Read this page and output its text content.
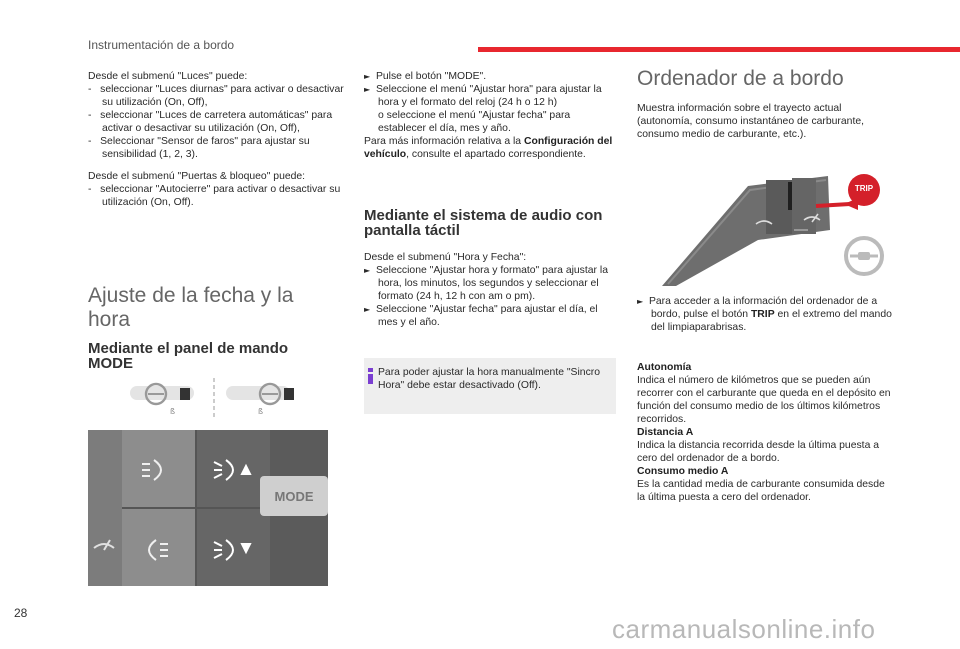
Instrumentación de a bordo

Desde el submenú "Luces" puede:

-   seleccionar "Luces diurnas" para activar o desactivar su utilización (On, Off),

-   seleccionar "Luces de carretera automáticas" para activar o desactivar su utilización (On, Off),

-   Seleccionar "Sensor de faros" para ajustar su sensibilidad (1, 2, 3).

Desde el submenú "Puertas & bloqueo" puede:

-   seleccionar "Autocierre" para activar o desactivar su utilización (On, Off).

Ajuste de la fecha y la hora
Mediante el panel de mando MODE
ß	ß
MODE

► Pulse el botón "MODE".

► Seleccione el menú "Ajustar hora" para ajustar la hora y el formato del reloj (24 h o 12 h)

o seleccione el menú "Ajustar fecha" para establecer el día, mes y año.

Para más información relativa a la Configuración del vehículo, consulte el apartado correspondiente.

Mediante el sistema de audio con pantalla táctil

Desde el submenú "Hora y Fecha":

► Seleccione "Ajustar hora y formato" para ajustar la hora, los minutos, los segundos y seleccionar el formato (24 h, 12 h con am o pm).

► Seleccione "Ajustar fecha" para ajustar el día, el mes y el año.

Para poder ajustar la hora manualmente "Sincro Hora" debe estar desactivado (Off).
Ordenador de a bordo
Muestra información sobre el trayecto actual (autonomía, consumo instantáneo de carburante, consumo medio de carburante, etc.).
TRIP

► Para acceder a la información del ordenador de a bordo, pulse el botón TRIP en el extremo del mando del limpiaparabrisas.

Autonomía

Indica el número de kilómetros que se pueden aún recorrer con el carburante que queda en el depósito en función del consumo medio de los últimos kilómetros recorridos.

Distancia A

Indica la distancia recorrida desde la última puesta a cero del ordenador de a bordo.

Consumo medio A

Es la cantidad media de carburante consumida desde la última puesta a cero del ordenador.

28
carmanualsonline.info
